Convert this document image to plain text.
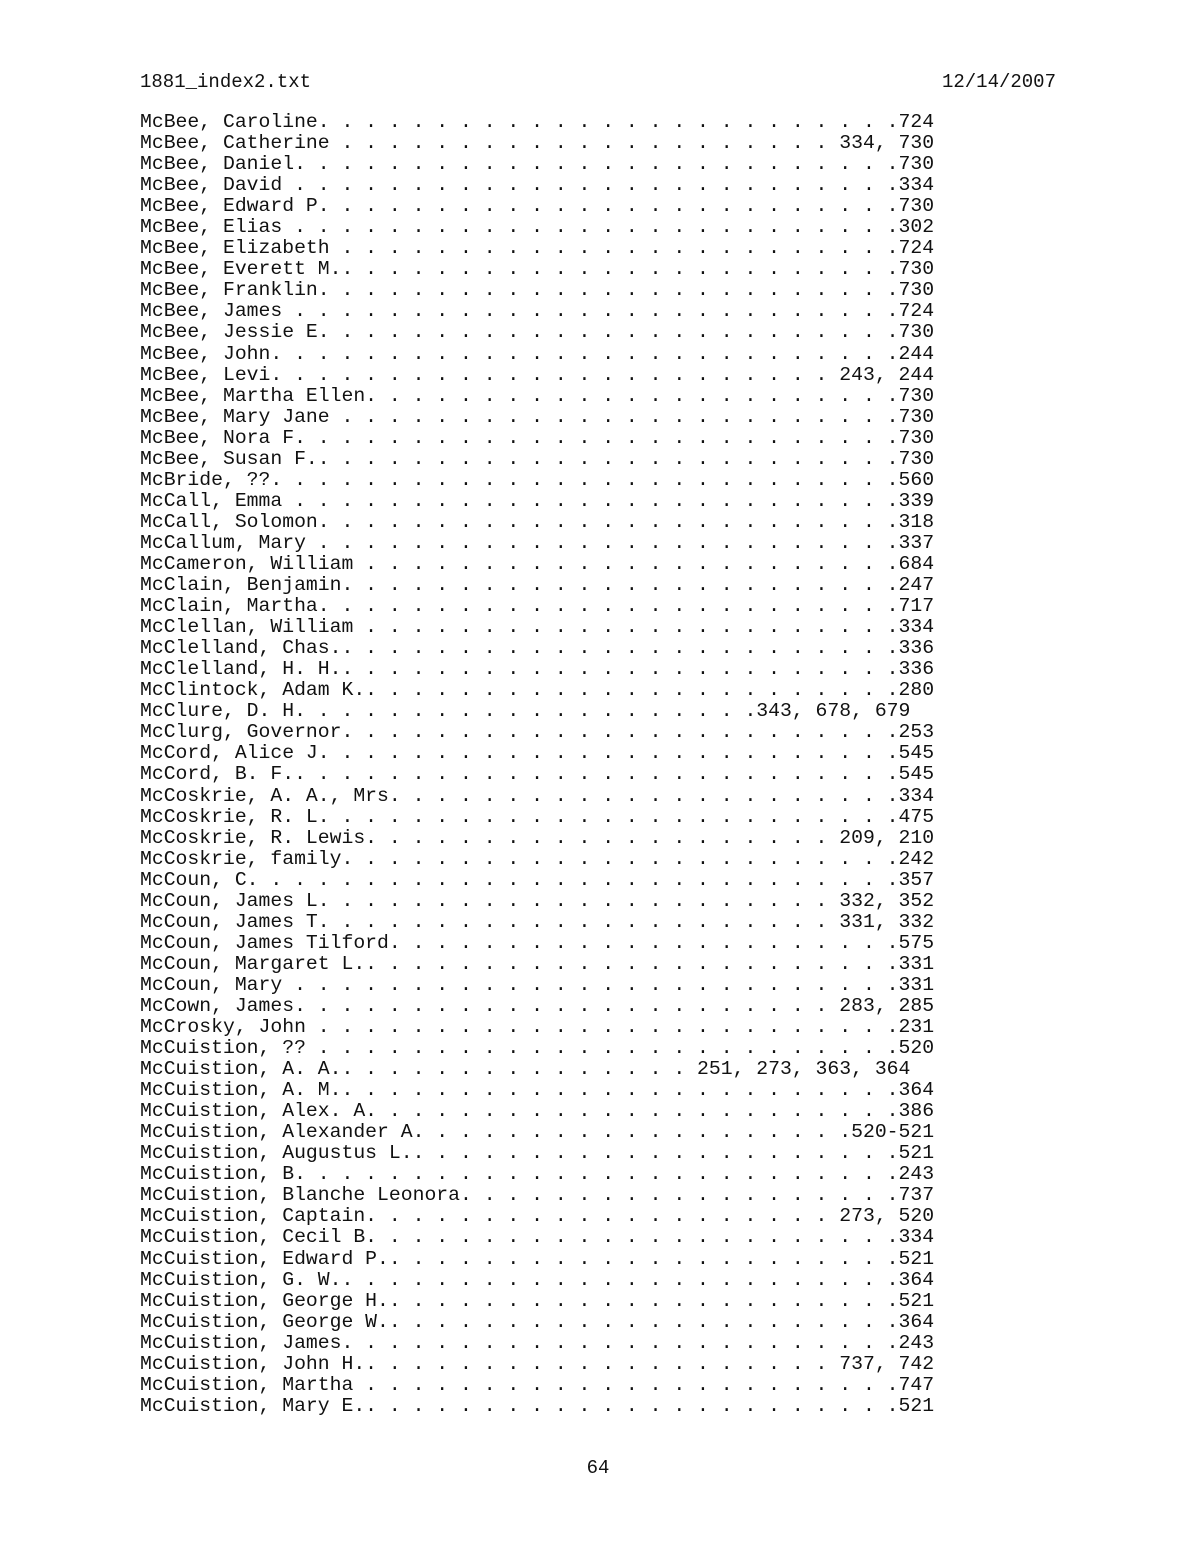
1881_index2.txt	12/14/2007
McBee, Caroline. . . . . . . . . . . . . . . . . . . . . . . . .724
McBee, Catherine . . . . . . . . . . . . . . . . . . . . . 334, 730
McBee, Daniel. . . . . . . . . . . . . . . . . . . . . . . . . .730
McBee, David . . . . . . . . . . . . . . . . . . . . . . . . . .334
McBee, Edward P. . . . . . . . . . . . . . . . . . . . . . . . .730
McBee, Elias . . . . . . . . . . . . . . . . . . . . . . . . . .302
McBee, Elizabeth . . . . . . . . . . . . . . . . . . . . . . . .724
McBee, Everett M.. . . . . . . . . . . . . . . . . . . . . . . .730
McBee, Franklin. . . . . . . . . . . . . . . . . . . . . . . . .730
McBee, James . . . . . . . . . . . . . . . . . . . . . . . . . .724
McBee, Jessie E. . . . . . . . . . . . . . . . . . . . . . . . .730
McBee, John. . . . . . . . . . . . . . . . . . . . . . . . . . .244
McBee, Levi. . . . . . . . . . . . . . . . . . . . . . . . 243, 244
McBee, Martha Ellen. . . . . . . . . . . . . . . . . . . . . . .730
McBee, Mary Jane . . . . . . . . . . . . . . . . . . . . . . . .730
McBee, Nora F. . . . . . . . . . . . . . . . . . . . . . . . . .730
McBee, Susan F.. . . . . . . . . . . . . . . . . . . . . . . . .730
McBride, ??. . . . . . . . . . . . . . . . . . . . . . . . . . .560
McCall, Emma . . . . . . . . . . . . . . . . . . . . . . . . . .339
McCall, Solomon. . . . . . . . . . . . . . . . . . . . . . . . .318
McCallum, Mary . . . . . . . . . . . . . . . . . . . . . . . . .337
McCameron, William . . . . . . . . . . . . . . . . . . . . . . .684
McClain, Benjamin. . . . . . . . . . . . . . . . . . . . . . . .247
McClain, Martha. . . . . . . . . . . . . . . . . . . . . . . . .717
McClellan, William . . . . . . . . . . . . . . . . . . . . . . .334
McClelland, Chas.. . . . . . . . . . . . . . . . . . . . . . . .336
McClelland, H. H.. . . . . . . . . . . . . . . . . . . . . . . .336
McClintock, Adam K.. . . . . . . . . . . . . . . . . . . . . . .280
McClure, D. H. . . . . . . . . . . . . . . . . . . .343, 678, 679
McClurg, Governor. . . . . . . . . . . . . . . . . . . . . . . .253
McCord, Alice J. . . . . . . . . . . . . . . . . . . . . . . . .545
McCord, B. F.. . . . . . . . . . . . . . . . . . . . . . . . . .545
McCoskrie, A. A., Mrs. . . . . . . . . . . . . . . . . . . . . .334
McCoskrie, R. L. . . . . . . . . . . . . . . . . . . . . . . . .475
McCoskrie, R. Lewis. . . . . . . . . . . . . . . . . . . . 209, 210
McCoskrie, family. . . . . . . . . . . . . . . . . . . . . . . .242
McCoun, C. . . . . . . . . . . . . . . . . . . . . . . . . . . .357
McCoun, James L. . . . . . . . . . . . . . . . . . . . . . 332, 352
McCoun, James T. . . . . . . . . . . . . . . . . . . . . . 331, 332
McCoun, James Tilford. . . . . . . . . . . . . . . . . . . . . .575
McCoun, Margaret L.. . . . . . . . . . . . . . . . . . . . . . .331
McCoun, Mary . . . . . . . . . . . . . . . . . . . . . . . . . .331
McCown, James. . . . . . . . . . . . . . . . . . . . . . . 283, 285
McCrosky, John . . . . . . . . . . . . . . . . . . . . . . . . .231
McCuistion, ?? . . . . . . . . . . . . . . . . . . . . . . . . .520
McCuistion, A. A.. . . . . . . . . . . . . . . 251, 273, 363, 364
McCuistion, A. M.. . . . . . . . . . . . . . . . . . . . . . . .364
McCuistion, Alex. A. . . . . . . . . . . . . . . . . . . . . . .386
McCuistion, Alexander A. . . . . . . . . . . . . . . . . . .520-521
McCuistion, Augustus L.. . . . . . . . . . . . . . . . . . . . .521
McCuistion, B. . . . . . . . . . . . . . . . . . . . . . . . . .243
McCuistion, Blanche Leonora. . . . . . . . . . . . . . . . . . .737
McCuistion, Captain. . . . . . . . . . . . . . . . . . . . 273, 520
McCuistion, Cecil B. . . . . . . . . . . . . . . . . . . . . . .334
McCuistion, Edward P.. . . . . . . . . . . . . . . . . . . . . .521
McCuistion, G. W.. . . . . . . . . . . . . . . . . . . . . . . .364
McCuistion, George H.. . . . . . . . . . . . . . . . . . . . . .521
McCuistion, George W.. . . . . . . . . . . . . . . . . . . . . .364
McCuistion, James. . . . . . . . . . . . . . . . . . . . . . . .243
McCuistion, John H.. . . . . . . . . . . . . . . . . . . . 737, 742
McCuistion, Martha . . . . . . . . . . . . . . . . . . . . . . .747
McCuistion, Mary E.. . . . . . . . . . . . . . . . . . . . . . .521
64
